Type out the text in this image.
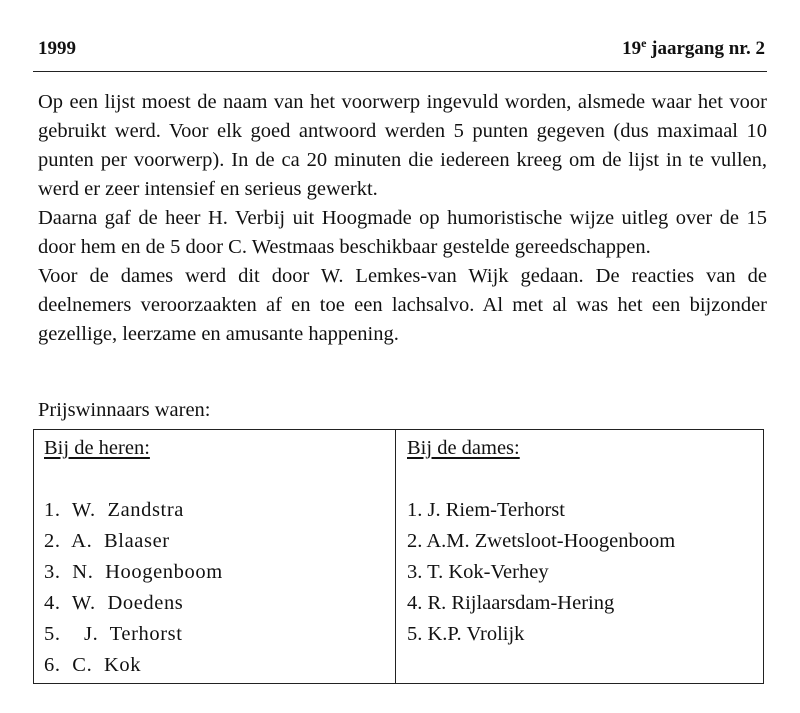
1999	19e jaargang nr. 2

Op een lijst moest de naam van het voorwerp ingevuld worden, alsmede waar het voor gebruikt werd. Voor elk goed antwoord werden 5 punten gegeven (dus maximaal 10 punten per voorwerp). In de ca 20 minuten die iedereen kreeg om de lijst in te vullen, werd er zeer intensief en serieus gewerkt.

Daarna gaf de heer H. Verbij uit Hoogmade op humoristische wijze uitleg over de 15 door hem en de 5 door C. Westmaas beschikbaar gestelde gereedschappen.

Voor de dames werd dit door W. Lemkes-van Wijk gedaan. De reacties van de deelnemers veroorzaakten af en toe een lachsalvo. Al met al was het een bijzonder gezellige, leerzame en amusante happening.

Prijswinnaars waren:
Bij de heren:
1. W. Zandstra
2. A. Blaaser
3. N. Hoogenboom
4. W. Doedens
5.  J. Terhorst
6. C. Kok
Bij de dames:
1. J. Riem-Terhorst
2. A.M. Zwetsloot-Hoogenboom
3. T. Kok-Verhey
4. R. Rijlaarsdam-Hering
5. K.P. Vrolijk
